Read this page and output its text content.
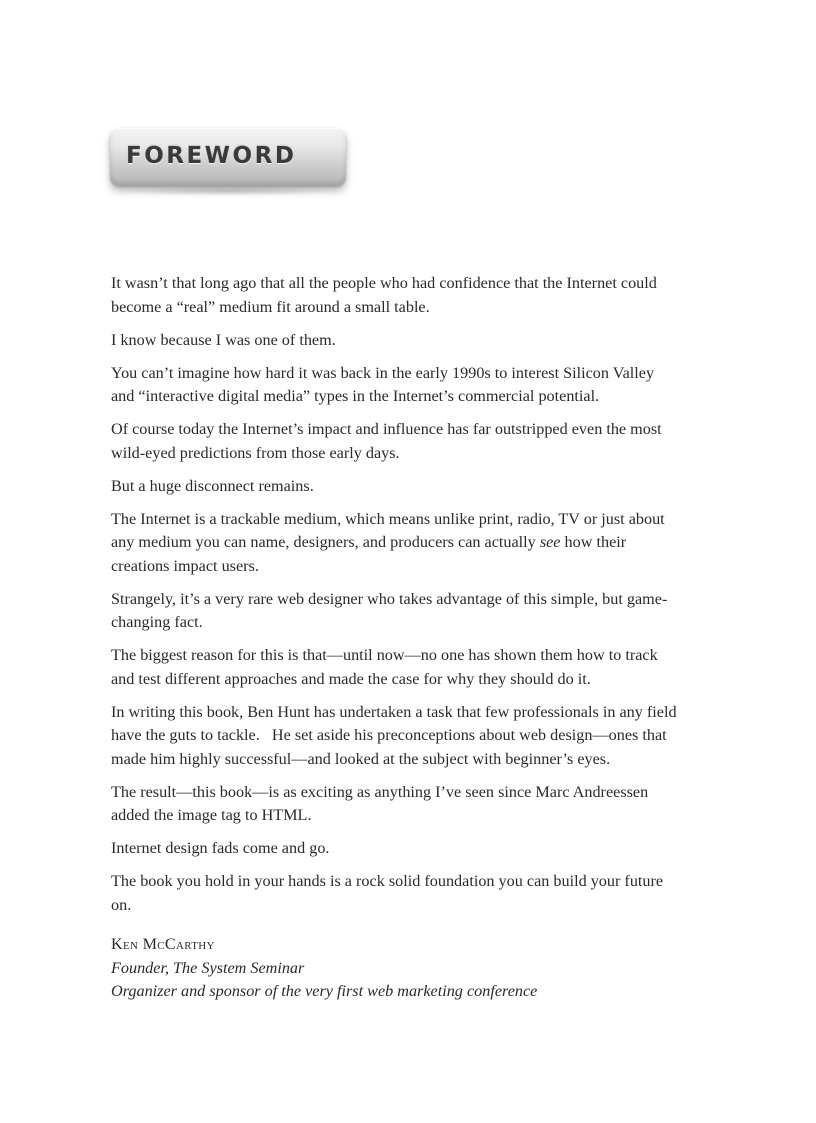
FOREWORD

It wasn’t that long ago that all the people who had confidence that the Internet could become a “real” medium fit around a small table.

I know because I was one of them.

You can’t imagine how hard it was back in the early 1990s to interest Silicon Valley and “interactive digital media” types in the Internet’s commercial potential.

Of course today the Internet’s impact and influence has far outstripped even the most wild-eyed predictions from those early days.

But a huge disconnect remains.

The Internet is a trackable medium, which means unlike print, radio, TV or just about any medium you can name, designers, and producers can actually see how their creations impact users.

Strangely, it’s a very rare web designer who takes advantage of this simple, but game-changing fact.

The biggest reason for this is that—until now—no one has shown them how to track and test different approaches and made the case for why they should do it.

In writing this book, Ben Hunt has undertaken a task that few professionals in any field have the guts to tackle.   He set aside his preconceptions about web design—ones that made him highly successful—and looked at the subject with beginner’s eyes.

The result—this book—is as exciting as anything I’ve seen since Marc Andreessen added the image tag to HTML.

Internet design fads come and go.

The book you hold in your hands is a rock solid foundation you can build your future on.

Ken McCarthy
Founder, The System Seminar
Organizer and sponsor of the very first web marketing conference
